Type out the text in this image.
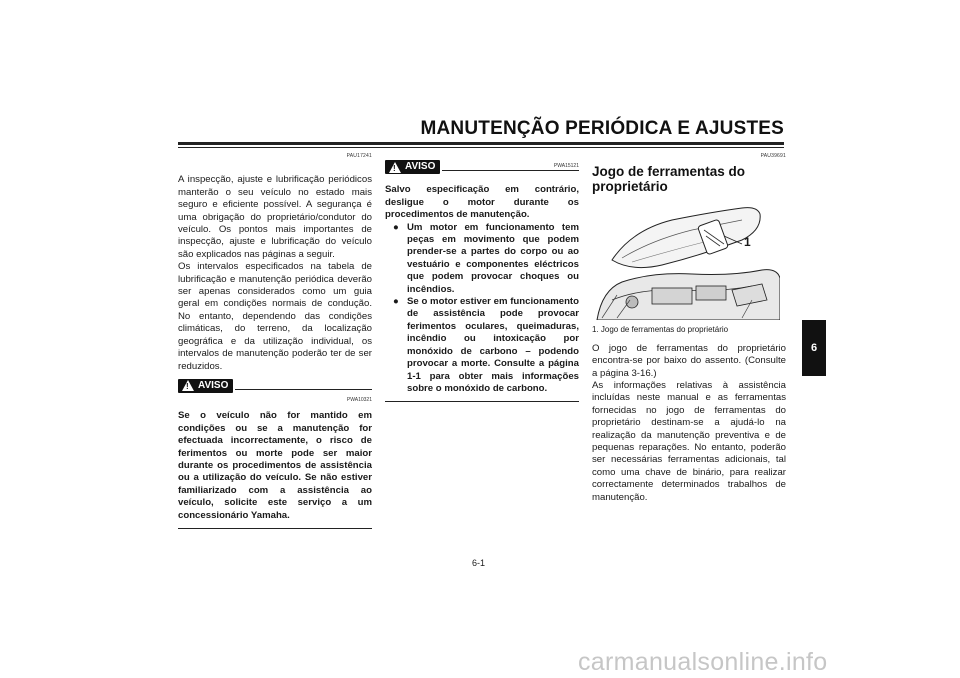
MANUTENÇÃO PERIÓDICA E AJUSTES
PAU17241

A inspecção, ajuste e lubrificação periódicos manterão o seu veículo no estado mais seguro e eficiente possível. A segurança é uma obrigação do proprietário/condutor do veículo. Os pontos mais importantes de inspecção, ajuste e lubrificação do veículo são explicados nas páginas a seguir.

Os intervalos especificados na tabela de lubrificação e manutenção periódica deverão ser apenas considerados como um guia geral em condições normais de condução. No entanto, dependendo das condições climáticas, do terreno, da localização geográfica e da utilização individual, os intervalos de manutenção poderão ter de ser reduzidos.

! AVISO
PWA10321

Se o veículo não for mantido em condições ou se a manutenção for efectuada incorrectamente, o risco de ferimentos ou morte pode ser maior durante os procedimentos de assistência ou a utilização do veículo. Se não estiver familiarizado com a assistência ao veículo, solicite este serviço a um concessionário Yamaha.

! AVISO	PWA15121

Salvo especificação em contrário, desligue o motor durante os procedimentos de manutenção.

● Um motor em funcionamento tem peças em movimento que podem prender-se a partes do corpo ou ao vestuário e componentes eléctricos que podem provocar choques ou incêndios.
● Se o motor estiver em funcionamento de assistência pode provocar ferimentos oculares, queimaduras, incêndio ou intoxicação por monóxido de carbono – podendo provocar a morte. Consulte a página 1-1 para obter mais informações sobre o monóxido de carbono.
PAU39691
Jogo de ferramentas do proprietário
1
1. Jogo de ferramentas do proprietário

O jogo de ferramentas do proprietário encontra-se por baixo do assento. (Consulte a página 3-16.)

As informações relativas à assistência incluídas neste manual e as ferramentas fornecidas no jogo de ferramentas do proprietário destinam-se a ajudá-lo na realização da manutenção preventiva e de pequenas reparações. No entanto, poderão ser necessárias ferramentas adicionais, tal como uma chave de binário, para realizar correctamente determinados trabalhos de manutenção.

6-1
6
carmanualsonline.info
